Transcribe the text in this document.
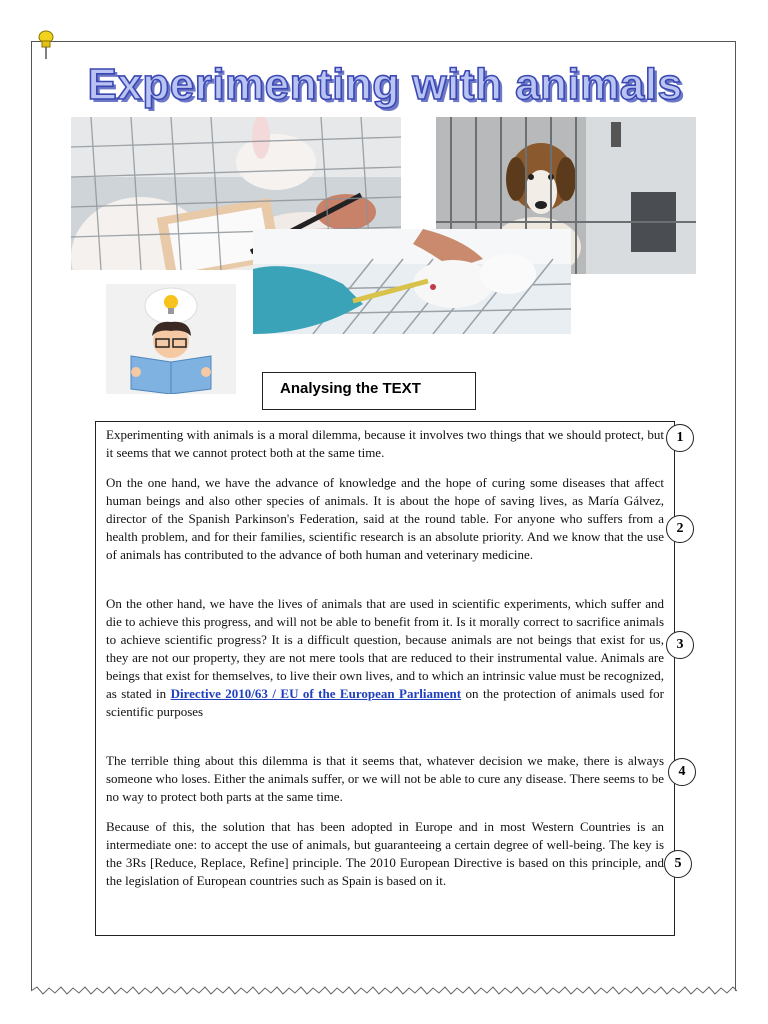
Experimenting with animals
Analysing the TEXT

Experimenting with animals is a moral dilemma, because it involves two things that we should protect, but it seems that we cannot protect both at the same time.

On the one hand, we have the advance of knowledge and the hope of curing some diseases that affect human beings and also other species of animals. It is about the hope of saving lives, as María Gálvez, director of the Spanish Parkinson's Federation, said at the round table. For anyone who suffers from a health problem, and for their families, scientific research is an absolute priority. And we know that the use of animals has contributed to the advance of both human and veterinary medicine.

On the other hand, we have the lives of animals that are used in scientific experiments, which suffer and die to achieve this progress, and will not be able to benefit from it. Is it morally correct to sacrifice animals to achieve scientific progress? It is a difficult question, because animals are not beings that exist for us, they are not our property, they are not mere tools that are reduced to their instrumental value. Animals are beings that exist for themselves, to live their own lives, and to which an intrinsic value must be recognized, as stated in Directive 2010/63 / EU of the European Parliament on the protection of animals used for scientific purposes

The terrible thing about this dilemma is that it seems that, whatever decision we make, there is always someone who loses. Either the animals suffer, or we will not be able to cure any disease. There seems to be no way to protect both parts at the same time.

Because of this, the solution that has been adopted in Europe and in most Western Countries is an intermediate one: to accept the use of animals, but guaranteeing a certain degree of well-being. The key is the 3Rs [Reduce, Replace, Refine] principle. The 2010 European Directive is based on this principle, and the legislation of European countries such as Spain is based on it.

1
2
3
4
5
